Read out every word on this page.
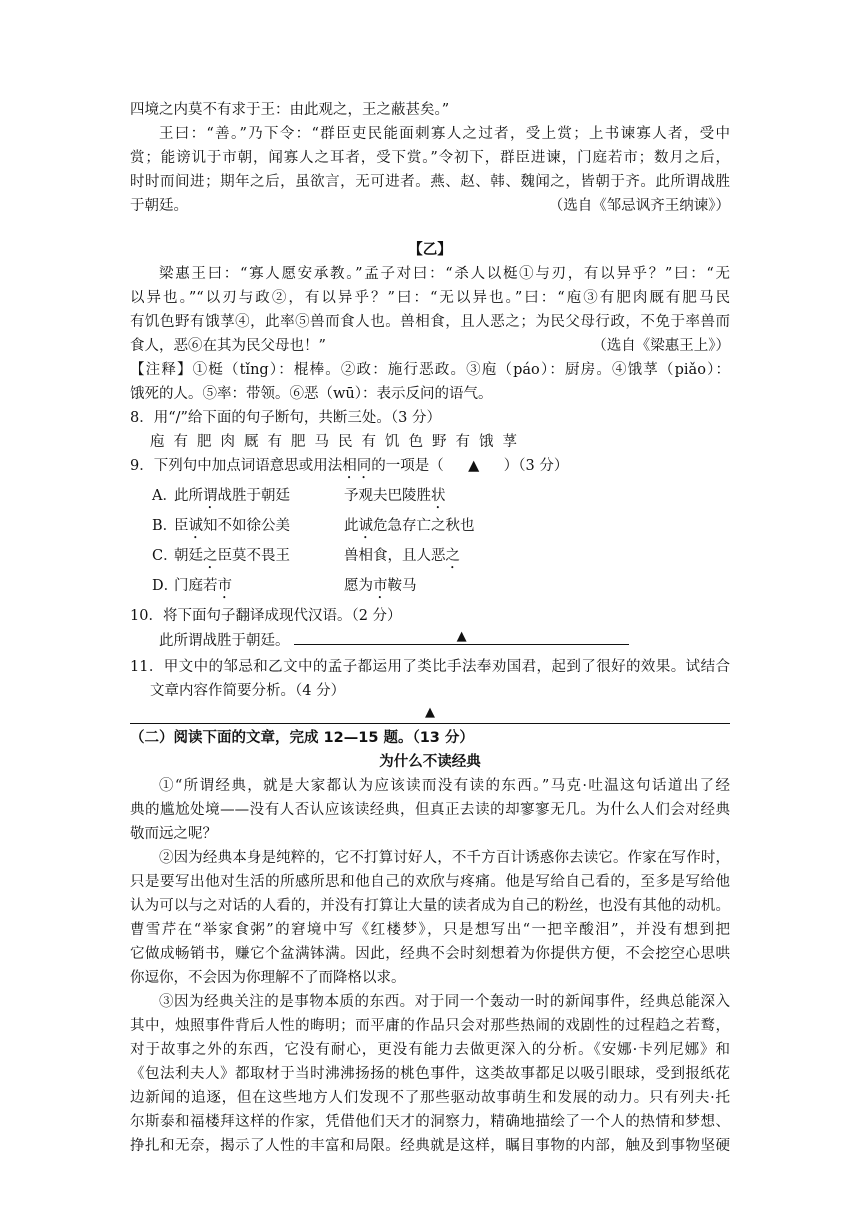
四境之内莫不有求于王：由此观之，王之蔽甚矣。”
王曰：“善。”乃下令：“群臣吏民能面刺寡人之过者，受上赏；上书谏寡人者，受中
赏；能谤讥于市朝，闻寡人之耳者，受下赏。”令初下，群臣进谏，门庭若市；数月之后，
时时而间进；期年之后，虽欲言，无可进者。燕、赵、韩、魏闻之，皆朝于齐。此所谓战胜
于朝廷。	（选自《邹忌讽齐王纳谏》）
【乙】
梁惠王曰：“寡人愿安承教。”孟子对曰：“杀人以梃①与刃，有以异乎？”曰：“无
以异也。”“以刃与政②，有以异乎？”曰：“无以异也。”曰：“庖③有肥肉厩有肥马民
有饥色野有饿莩④，此率⑤兽而食人也。兽相食，且人恶之；为民父母行政，不免于率兽而
食人，恶⑥在其为民父母也！”	（选自《梁惠王上》）
【注释】①梃（tǐng）：棍棒。②政：施行恶政。③庖（páo）：厨房。④饿莩（piǎo）：
饿死的人。⑤率：带领。⑥恶（wū）：表示反问的语气。
8．用“/”给下面的句子断句，共断三处。（3 分）
庖有肥肉厩有肥马民有饥色野有饿莩
9．下列句中加点词语意思或用法相同的一项是（ ▲ ）（3 分）
A．
此所谓战胜于朝廷	予观夫巴陵胜状
B．
臣诚知不如徐公美	此诚危急存亡之秋也
C．
朝廷之臣莫不畏王	兽相食，且人恶之
D．
门庭若市	愿为市鞍马
10．将下面句子翻译成现代汉语。（2 分）
此所谓战胜于朝廷。	▲
11．甲文中的邹忌和乙文中的孟子都运用了类比手法奉劝国君，起到了很好的效果。试结合
文章内容作简要分析。（4 分）
▲
（二）阅读下面的文章，完成 12—15 题。（13 分）
为什么不读经典
①“所谓经典，就是大家都认为应该读而没有读的东西。”马克·吐温这句话道出了经
典的尴尬处境——没有人否认应该读经典，但真正去读的却寥寥无几。为什么人们会对经典
敬而远之呢？
②因为经典本身是纯粹的，它不打算讨好人，不千方百计诱惑你去读它。作家在写作时，
只是要写出他对生活的所感所思和他自己的欢欣与疼痛。他是写给自己看的，至多是写给他
认为可以与之对话的人看的，并没有打算让大量的读者成为自己的粉丝，也没有其他的动机。
曹雪芹在“举家食粥”的窘境中写《红楼梦》，只是想写出“一把辛酸泪”，并没有想到把
它做成畅销书，赚它个盆满钵满。因此，经典不会时刻想着为你提供方便，不会挖空心思哄
你逗你，不会因为你理解不了而降格以求。
③因为经典关注的是事物本质的东西。对于同一个轰动一时的新闻事件，经典总能深入
其中，烛照事件背后人性的晦明；而平庸的作品只会对那些热闹的戏剧性的过程趋之若鹜，
对于故事之外的东西，它没有耐心，更没有能力去做更深入的分析。《安娜·卡列尼娜》和
《包法利夫人》都取材于当时沸沸扬扬的桃色事件，这类故事都足以吸引眼球，受到报纸花
边新闻的追逐，但在这些地方人们发现不了那些驱动故事萌生和发展的动力。只有列夫·托
尔斯泰和福楼拜这样的作家，凭借他们天才的洞察力，精确地描绘了一个人的热情和梦想、
挣扎和无奈，揭示了人性的丰富和局限。经典就是这样，瞩目事物的内部，触及到事物坚硬
